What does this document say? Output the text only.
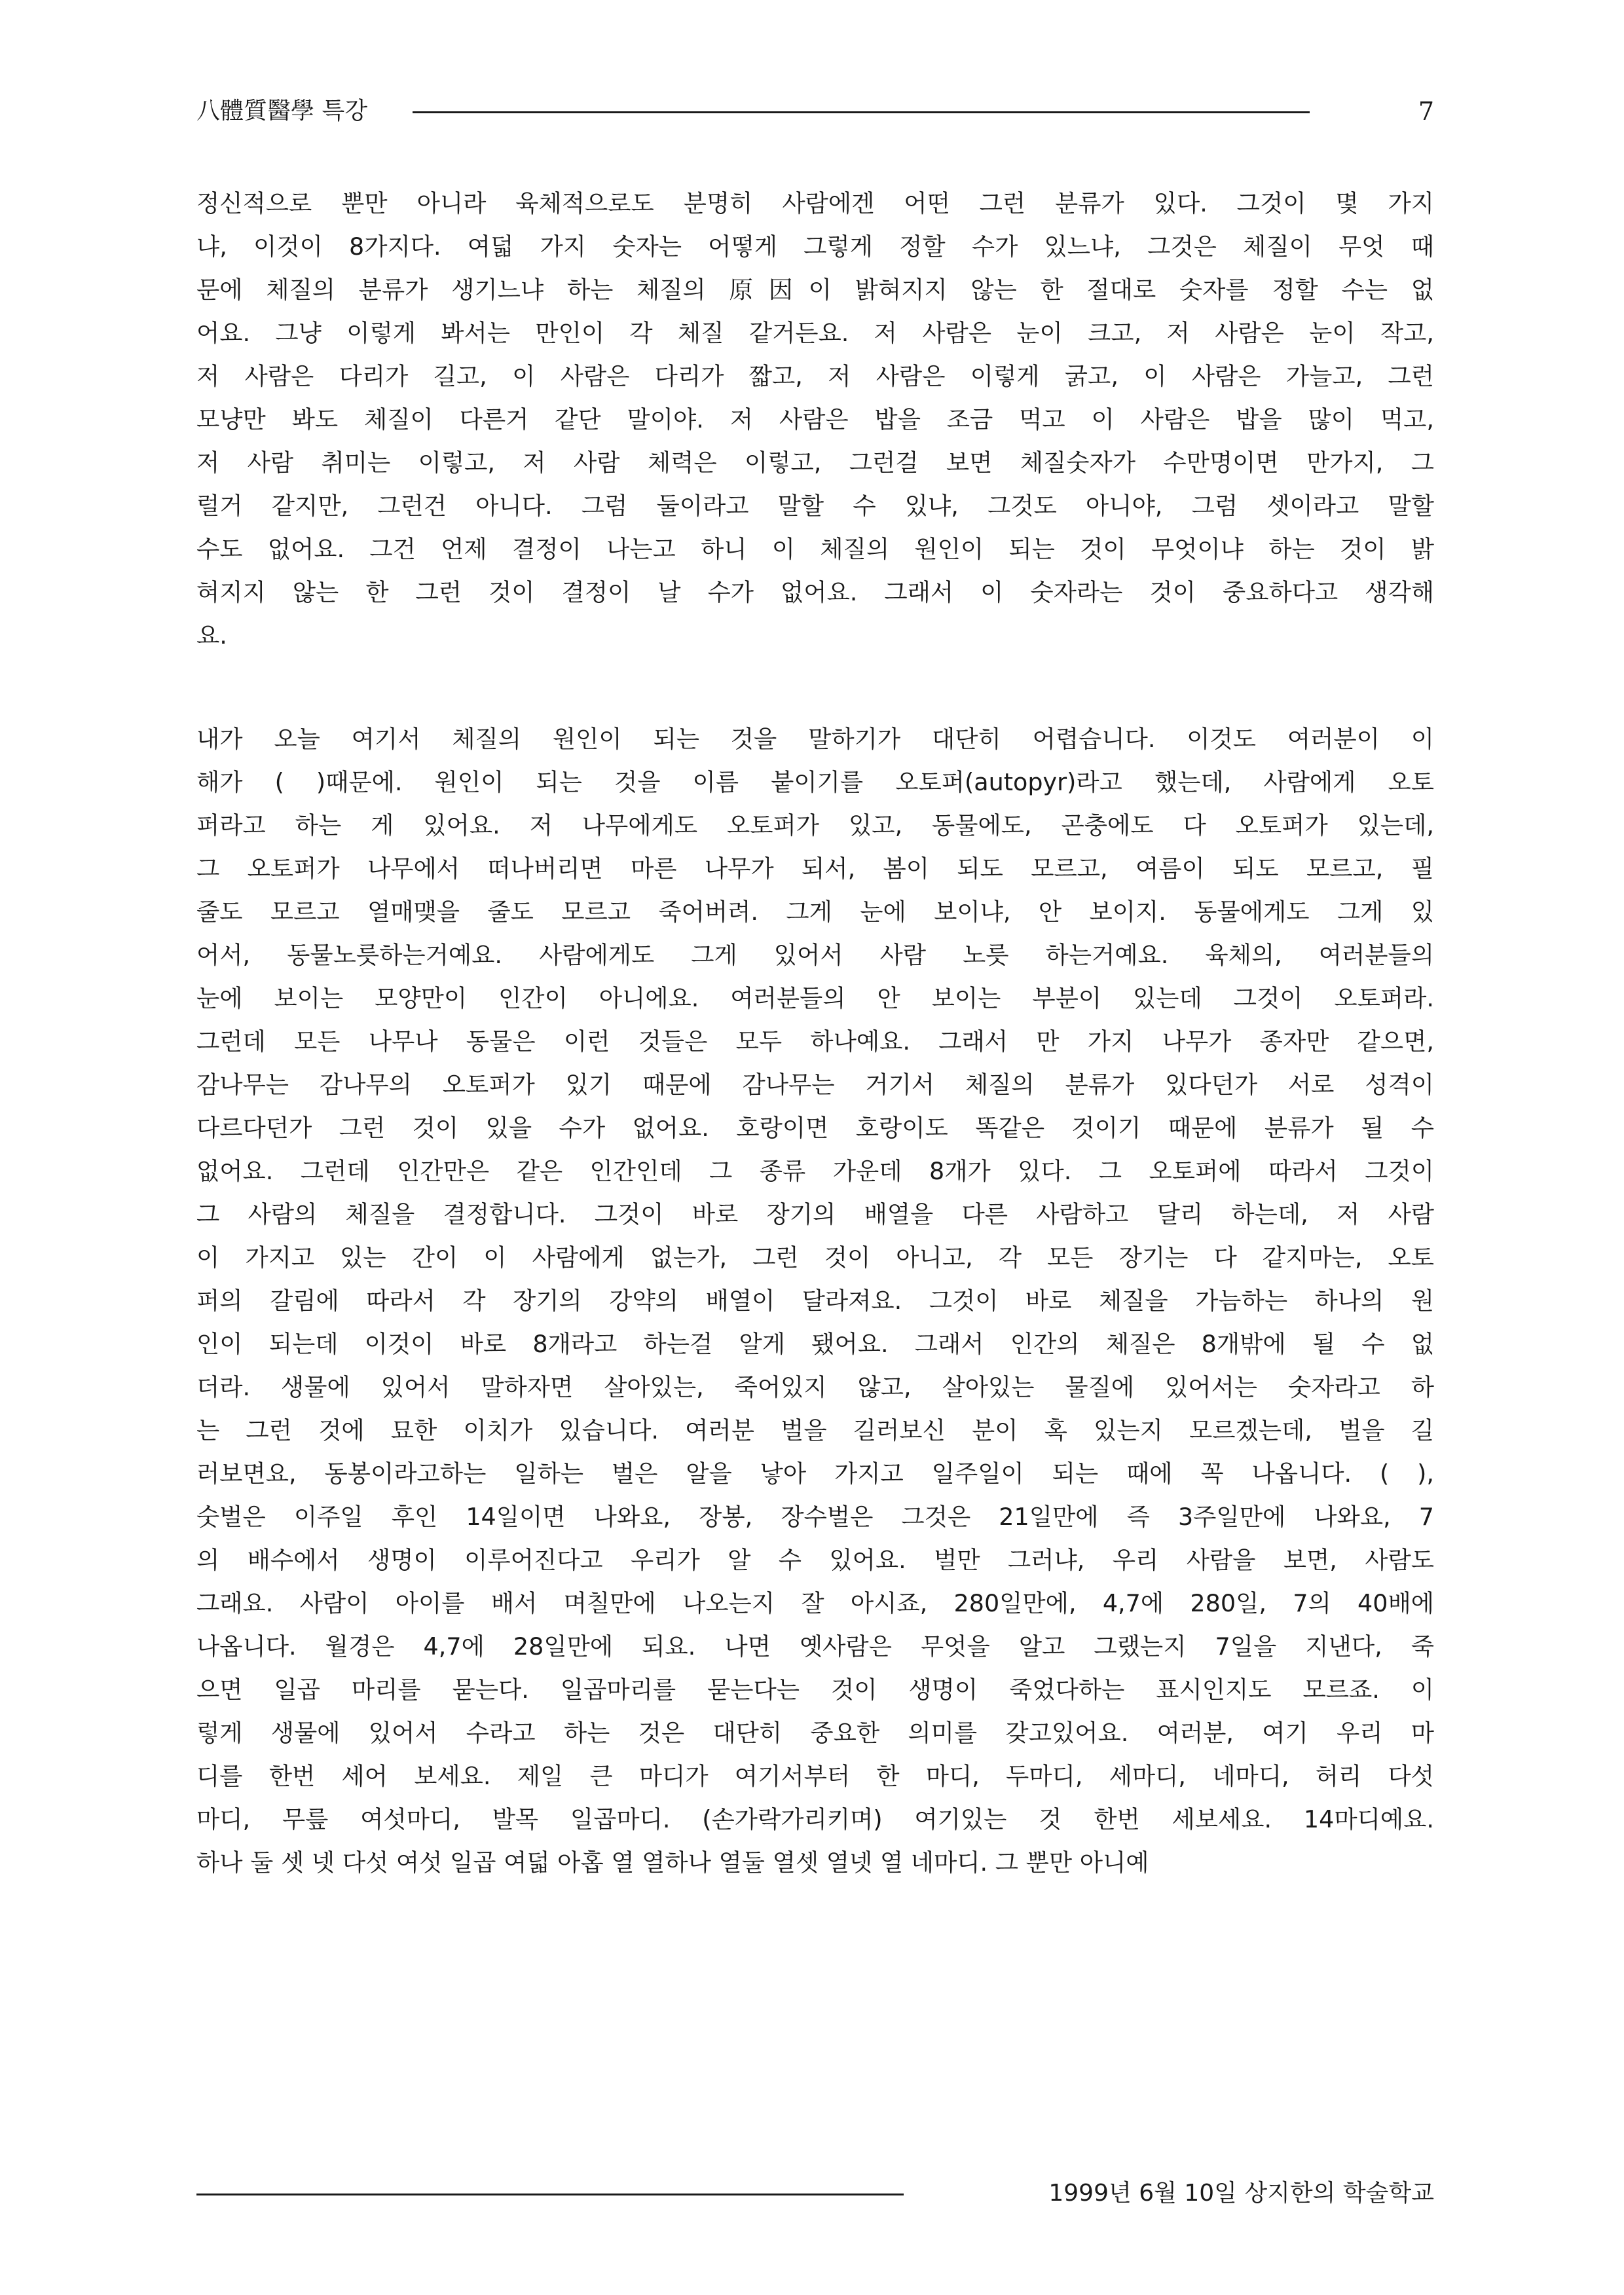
八體質醫學 특강	7
정신적으로 뿐만 아니라 육체적으로도 분명히 사람에겐 어떤 그런 분류가 있다. 그것이 몇 가지
냐, 이것이 8가지다. 여덟 가지 숫자는 어떻게 그렇게 정할 수가 있느냐, 그것은 체질이 무엇 때
문에 체질의 분류가 생기느냐 하는 체질의 原因이 밝혀지지 않는 한 절대로 숫자를 정할 수는 없
어요. 그냥 이렇게 봐서는 만인이 각 체질 같거든요. 저 사람은 눈이 크고, 저 사람은 눈이 작고,
저 사람은 다리가 길고, 이 사람은 다리가 짧고, 저 사람은 이렇게 굵고, 이 사람은 가늘고, 그런
모냥만 봐도 체질이 다른거 같단 말이야. 저 사람은 밥을 조금 먹고 이 사람은 밥을 많이 먹고,
저 사람 취미는 이렇고, 저 사람 체력은 이렇고, 그런걸 보면 체질숫자가 수만명이면 만가지, 그
럴거 같지만, 그런건 아니다. 그럼 둘이라고 말할 수 있냐, 그것도 아니야, 그럼 셋이라고 말할
수도 없어요. 그건 언제 결정이 나는고 하니 이 체질의 원인이 되는 것이 무엇이냐 하는 것이 밝
혀지지 않는 한 그런 것이 결정이 날 수가 없어요. 그래서 이 숫자라는 것이 중요하다고 생각해
요.
내가 오늘 여기서 체질의 원인이 되는 것을 말하기가 대단히 어렵습니다. 이것도 여러분이 이
해가 ( )때문에. 원인이 되는 것을 이름 붙이기를 오토퍼(autopyr)라고 했는데, 사람에게 오토
퍼라고 하는 게 있어요. 저 나무에게도 오토퍼가 있고, 동물에도, 곤충에도 다 오토퍼가 있는데,
그 오토퍼가 나무에서 떠나버리면 마른 나무가 되서, 봄이 되도 모르고, 여름이 되도 모르고, 필
줄도 모르고 열매맺을 줄도 모르고 죽어버려. 그게 눈에 보이냐, 안 보이지. 동물에게도 그게 있
어서, 동물노릇하는거예요. 사람에게도 그게 있어서 사람 노릇 하는거예요. 육체의, 여러분들의
눈에 보이는 모양만이 인간이 아니에요. 여러분들의 안 보이는 부분이 있는데 그것이 오토퍼라.
그런데 모든 나무나 동물은 이런 것들은 모두 하나예요. 그래서 만 가지 나무가 종자만 같으면,
감나무는 감나무의 오토퍼가 있기 때문에 감나무는 거기서 체질의 분류가 있다던가 서로 성격이
다르다던가 그런 것이 있을 수가 없어요. 호랑이면 호랑이도 똑같은 것이기 때문에 분류가 될 수
없어요. 그런데 인간만은 같은 인간인데 그 종류 가운데 8개가 있다. 그 오토퍼에 따라서 그것이
그 사람의 체질을 결정합니다. 그것이 바로 장기의 배열을 다른 사람하고 달리 하는데, 저 사람
이 가지고 있는 간이 이 사람에게 없는가, 그런 것이 아니고, 각 모든 장기는 다 같지마는, 오토
퍼의 갈림에 따라서 각 장기의 강약의 배열이 달라져요. 그것이 바로 체질을 가늠하는 하나의 원
인이 되는데 이것이 바로 8개라고 하는걸 알게 됐어요. 그래서 인간의 체질은 8개밖에 될 수 없
더라. 생물에 있어서 말하자면 살아있는, 죽어있지 않고, 살아있는 물질에 있어서는 숫자라고 하
는 그런 것에 묘한 이치가 있습니다. 여러분 벌을 길러보신 분이 혹 있는지 모르겠는데, 벌을 길
러보면요, 동봉이라고하는 일하는 벌은 알을 낳아 가지고 일주일이 되는 때에 꼭 나옵니다. ( ),
숫벌은 이주일 후인 14일이면 나와요, 장봉, 장수벌은 그것은 21일만에 즉 3주일만에 나와요, 7
의 배수에서 생명이 이루어진다고 우리가 알 수 있어요. 벌만 그러냐, 우리 사람을 보면, 사람도
그래요. 사람이 아이를 배서 며칠만에 나오는지 잘 아시죠, 280일만에, 4,7에 280일, 7의 40배에
나옵니다. 월경은 4,7에 28일만에 되요. 나면 옛사람은 무엇을 알고 그랬는지 7일을 지낸다, 죽
으면 일곱 마리를 묻는다. 일곱마리를 묻는다는 것이 생명이 죽었다하는 표시인지도 모르죠. 이
렇게 생물에 있어서 수라고 하는 것은 대단히 중요한 의미를 갖고있어요. 여러분, 여기 우리 마
디를 한번 세어 보세요. 제일 큰 마디가 여기서부터 한 마디, 두마디, 세마디, 네마디, 허리 다섯
마디, 무릎 여섯마디, 발목 일곱마디. (손가락가리키며) 여기있는 것 한번 세보세요. 14마디예요.
하나 둘 셋 넷 다섯 여섯 일곱 여덟 아홉 열 열하나 열둘 열셋 열넷 열 네마디. 그 뿐만 아니예
1999년 6월 10일 상지한의 학술학교
